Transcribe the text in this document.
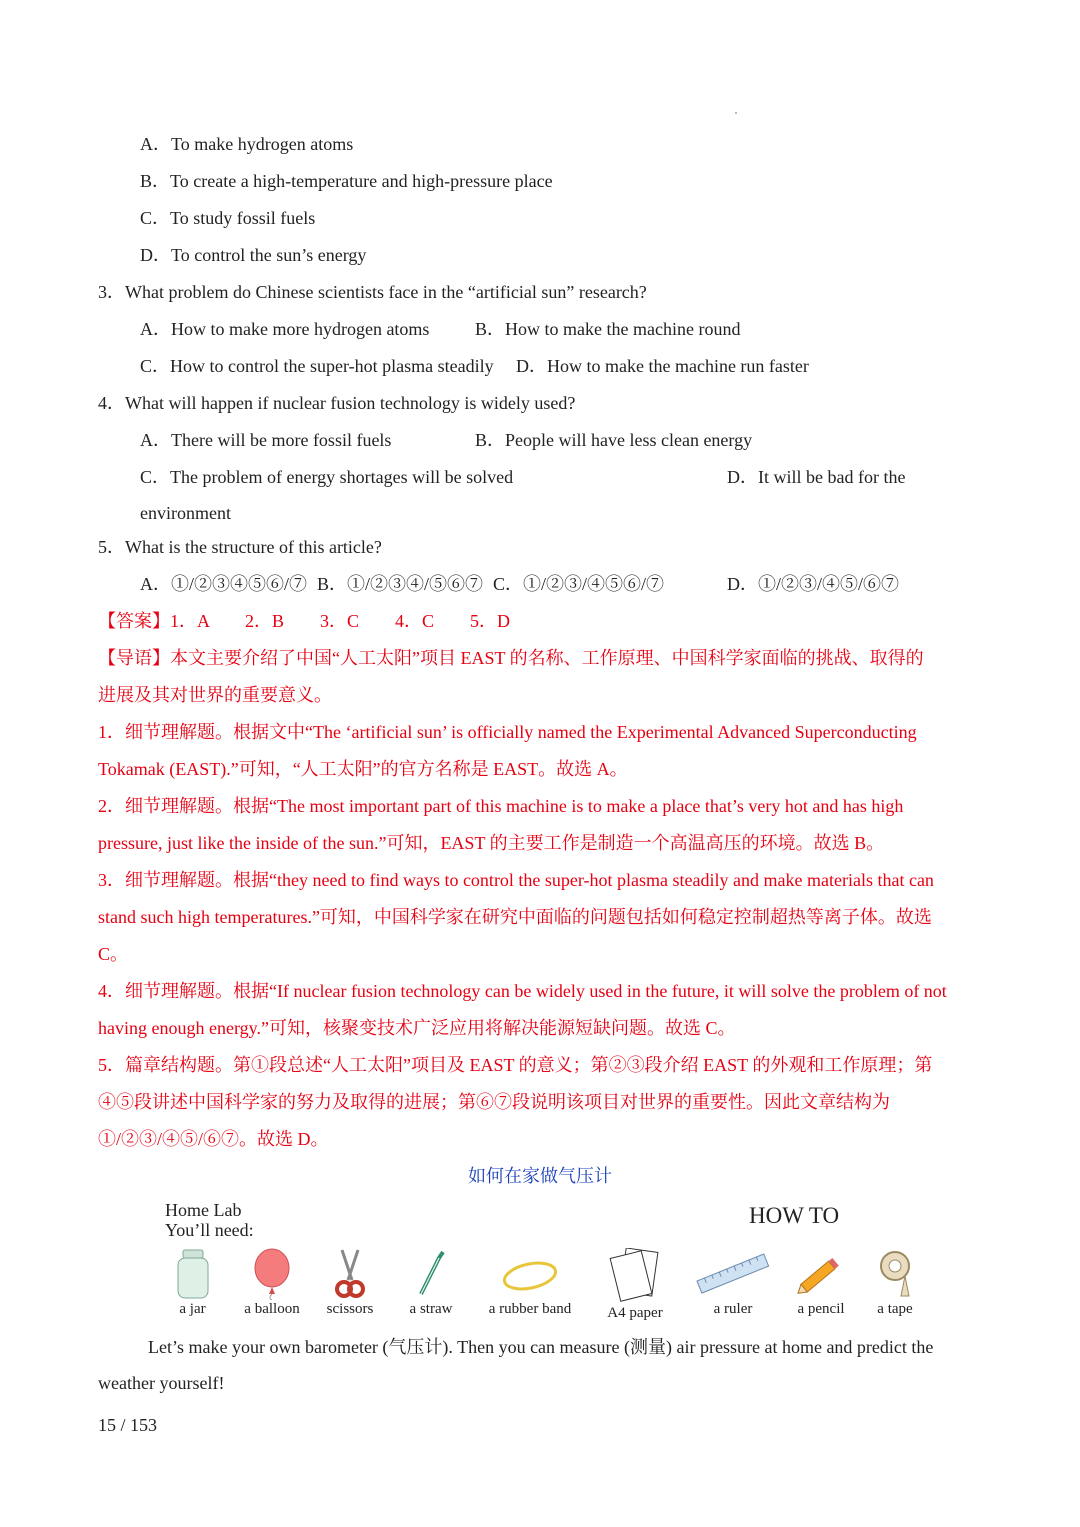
A．To make hydrogen atoms
B．To create a high-temperature and high-pressure place
C．To study fossil fuels
D．To control the sun’s energy
3．What problem do Chinese scientists face in the “artificial sun” research?
A．How to make more hydrogen atoms	B．How to make the machine round
C．How to control the super-hot plasma steadily D．How to make the machine run faster
4．What will happen if nuclear fusion technology is widely used?
A．There will be more fossil fuels	B．People will have less clean energy
C．The problem of energy shortages will be solved	D．It will be bad for the
environment
5．What is the structure of this article?
A．①/②③④⑤⑥/⑦ B．①/②③④/⑤⑥⑦ C．①/②③/④⑤⑥/⑦	D．①/②③/④⑤/⑥⑦
【答案】1．A　　2．B　　3．C　　4．C　　5．D
【导语】本文主要介绍了中国“人工太阳”项目 EAST 的名称、工作原理、中国科学家面临的挑战、取得的
进展及其对世界的重要意义。
1．细节理解题。根据文中“The ‘artificial sun’ is officially named the Experimental Advanced Superconducting
Tokamak (EAST).”可知，“人工太阳”的官方名称是 EAST。故选 A。
2．细节理解题。根据“The most important part of this machine is to make a place that’s very hot and has high
pressure, just like the inside of the sun.”可知，EAST 的主要工作是制造一个高温高压的环境。故选 B。
3．细节理解题。根据“they need to find ways to control the super-hot plasma steadily and make materials that can
stand such high temperatures.”可知，中国科学家在研究中面临的问题包括如何稳定控制超热等离子体。故选
C。
4．细节理解题。根据“If nuclear fusion technology can be widely used in the future, it will solve the problem of not
having enough energy.”可知，核聚变技术广泛应用将解决能源短缺问题。故选 C。
5．篇章结构题。第①段总述“人工太阳”项目及 EAST 的意义；第②③段介绍 EAST 的外观和工作原理；第
④⑤段讲述中国科学家的努力及取得的进展；第⑥⑦段说明该项目对世界的重要性。因此文章结构为
①/②③/④⑤/⑥⑦。故选 D。
如何在家做气压计
Home Lab
You’ll need:
HOW TO
a jar	a balloon	scissors	a straw	a rubber band	A4 paper	a ruler	a pencil	a tape
Let’s make your own barometer (气压计). Then you can measure (测量) air pressure at home and predict the
weather yourself!
15 / 153
